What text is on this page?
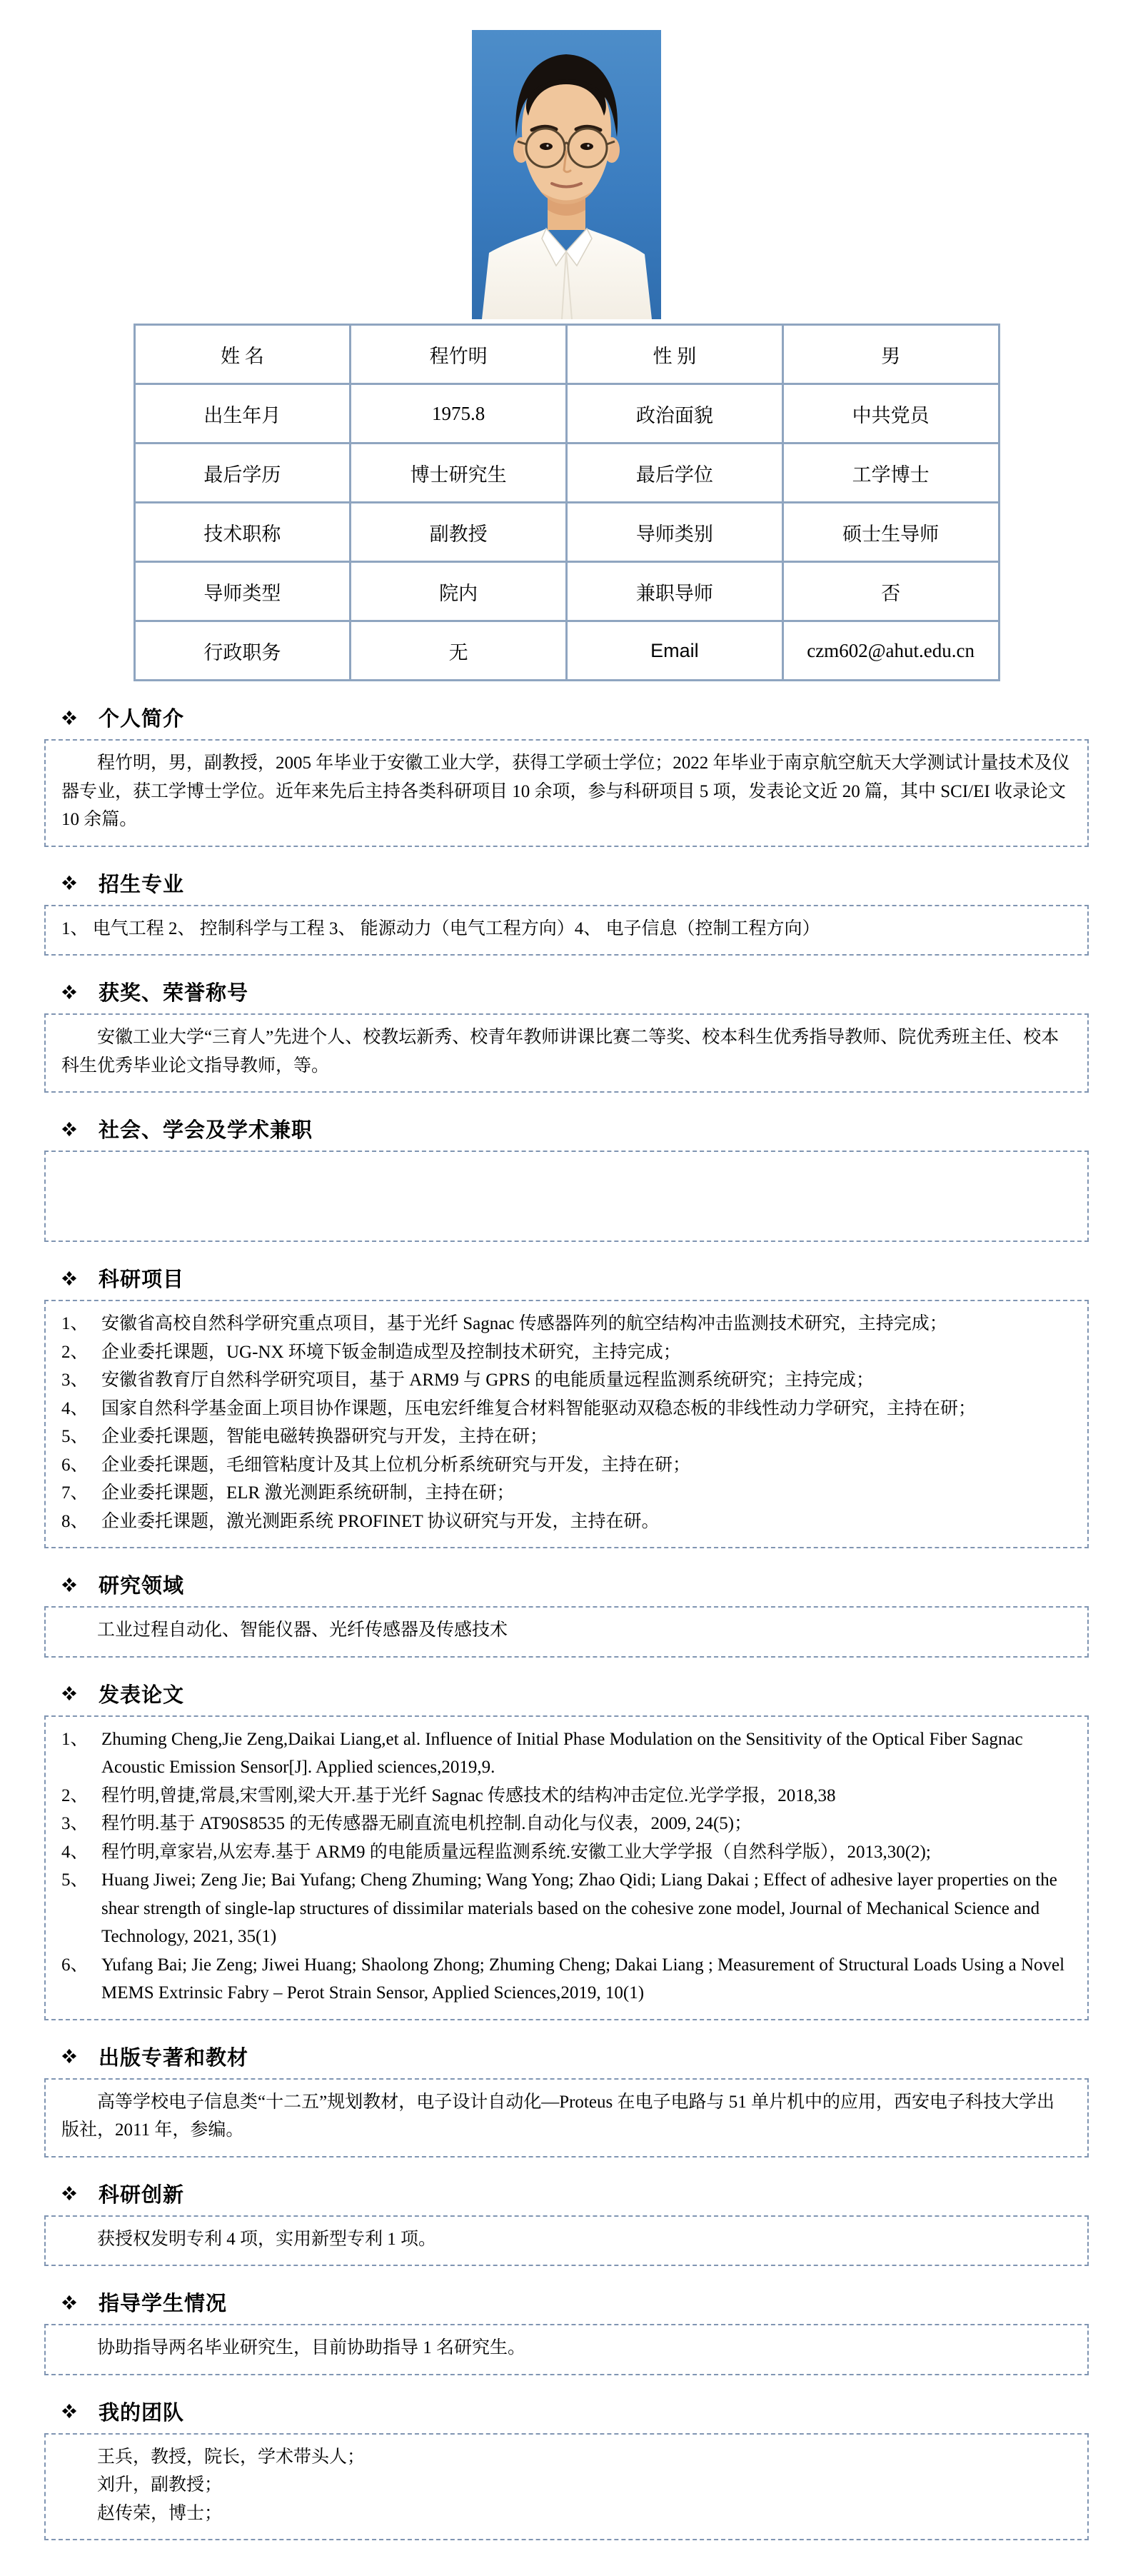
姓 名	程竹明	性 别	男
出生年月	1975.8	政治面貌	中共党员
最后学历	博士研究生	最后学位	工学博士
技术职称	副教授	导师类别	硕士生导师
导师类型	院内	兼职导师	否
行政职务	无	Email	czm602@ahut.edu.cn
个人简介

程竹明，男，副教授，2005 年毕业于安徽工业大学，获得工学硕士学位；2022 年毕业于南京航空航天大学测试计量技术及仪器专业，获工学博士学位。近年来先后主持各类科研项目 10 余项，参与科研项目 5 项，发表论文近 20 篇，其中 SCI/EI 收录论文 10 余篇。

招生专业

1、 电气工程 2、 控制科学与工程 3、 能源动力（电气工程方向）4、 电子信息（控制工程方向）

获奖、荣誉称号

安徽工业大学“三育人”先进个人、校教坛新秀、校青年教师讲课比赛二等奖、校本科生优秀指导教师、院优秀班主任、校本科生优秀毕业论文指导教师，等。

社会、学会及学术兼职
科研项目
1、 安徽省高校自然科学研究重点项目，基于光纤 Sagnac 传感器阵列的航空结构冲击监测技术研究，主持完成；
2、 企业委托课题，UG-NX 环境下钣金制造成型及控制技术研究，主持完成；
3、 安徽省教育厅自然科学研究项目，基于 ARM9 与 GPRS 的电能质量远程监测系统研究；主持完成；
4、 国家自然科学基金面上项目协作课题，压电宏纤维复合材料智能驱动双稳态板的非线性动力学研究，主持在研；
5、 企业委托课题，智能电磁转换器研究与开发，主持在研；
6、 企业委托课题，毛细管粘度计及其上位机分析系统研究与开发，主持在研；
7、 企业委托课题，ELR 激光测距系统研制，主持在研；
8、 企业委托课题，激光测距系统 PROFINET 协议研究与开发，主持在研。
研究领域

工业过程自动化、智能仪器、光纤传感器及传感技术

发表论文
1、 Zhuming Cheng,Jie Zeng,Daikai Liang,et al. Influence of Initial Phase Modulation on the Sensitivity of the Optical Fiber Sagnac Acoustic Emission Sensor[J]. Applied sciences,2019,9.
2、 程竹明,曾捷,常晨,宋雪刚,梁大开.基于光纤 Sagnac 传感技术的结构冲击定位.光学学报，2018,38
3、 程竹明.基于 AT90S8535 的无传感器无刷直流电机控制.自动化与仪表，2009, 24(5)；
4、 程竹明,章家岩,从宏寿.基于 ARM9 的电能质量远程监测系统.安徽工业大学学报（自然科学版），2013,30(2);
5、 Huang Jiwei; Zeng Jie; Bai Yufang; Cheng Zhuming; Wang Yong; Zhao Qidi; Liang Dakai ; Effect of adhesive layer properties on the shear strength of single-lap structures of dissimilar materials based on the cohesive zone model, Journal of Mechanical Science and Technology, 2021, 35(1)
6、 Yufang Bai; Jie Zeng; Jiwei Huang; Shaolong Zhong; Zhuming Cheng; Dakai Liang ; Measurement of Structural Loads Using a Novel MEMS Extrinsic Fabry – Perot Strain Sensor, Applied Sciences,2019, 10(1)
出版专著和教材

高等学校电子信息类“十二五”规划教材，电子设计自动化—Proteus 在电子电路与 51 单片机中的应用，西安电子科技大学出版社，2011 年，参编。

科研创新

获授权发明专利 4 项，实用新型专利 1 项。

指导学生情况

协助指导两名毕业研究生，目前协助指导 1 名研究生。

我的团队

王兵，教授，院长，学术带头人；

刘升，副教授；

赵传荣，博士；
